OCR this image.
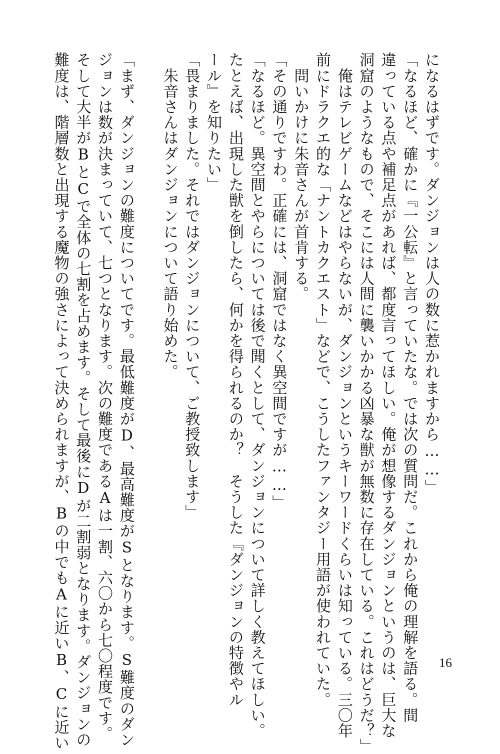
になるはずです。ダンジョンは人の数に惹かれますから……」
「なるほど、確かに『一公転』と言っていたな。では次の質問だ。これから俺の理解を語る。間
違っている点や補足点があれば、都度言ってほしい。俺が想像するダンジョンというのは、巨大な
洞窟のようなもので、そこには人間に襲いかかる凶暴な獣が無数に存在している。これはどうだ？」
　俺はテレビゲームなどはやらないが、ダンジョンというキーワードくらいは知っている。三〇年
前にドラクエ的な「ナントカクエスト」などで、こうしたファンタジー用語が使われていた。
　問いかけに朱音さんが首肯する。
「その通りですわ。正確には、洞窟ではなく異空間ですが……」
「なるほど。異空間とやらについては後で聞くとして、ダンジョンについて詳しく教えてほしい。
たとえば、出現した獣を倒したら、何かを得られるのか？　そうした『ダンジョンの特徴やル
ール』を知りたい」
「畏まりました。それではダンジョンについて、ご教授致します」
　朱音さんはダンジョンについて語り始めた。

「まず、ダンジョンの難度についてです。最低難度がD、最高難度がSとなります。S難度のダン
ジョンは数が決まっていて、七つとなります。次の難度であるAは一割、六〇から七〇程度です。
そして大半がBとCで全体の七割を占めます。そして最後にDが二割弱となります。ダンジョンの
難度は、階層数と出現する魔物の強さによって決められますが、Bの中でもAに近いB、Cに近い	16
